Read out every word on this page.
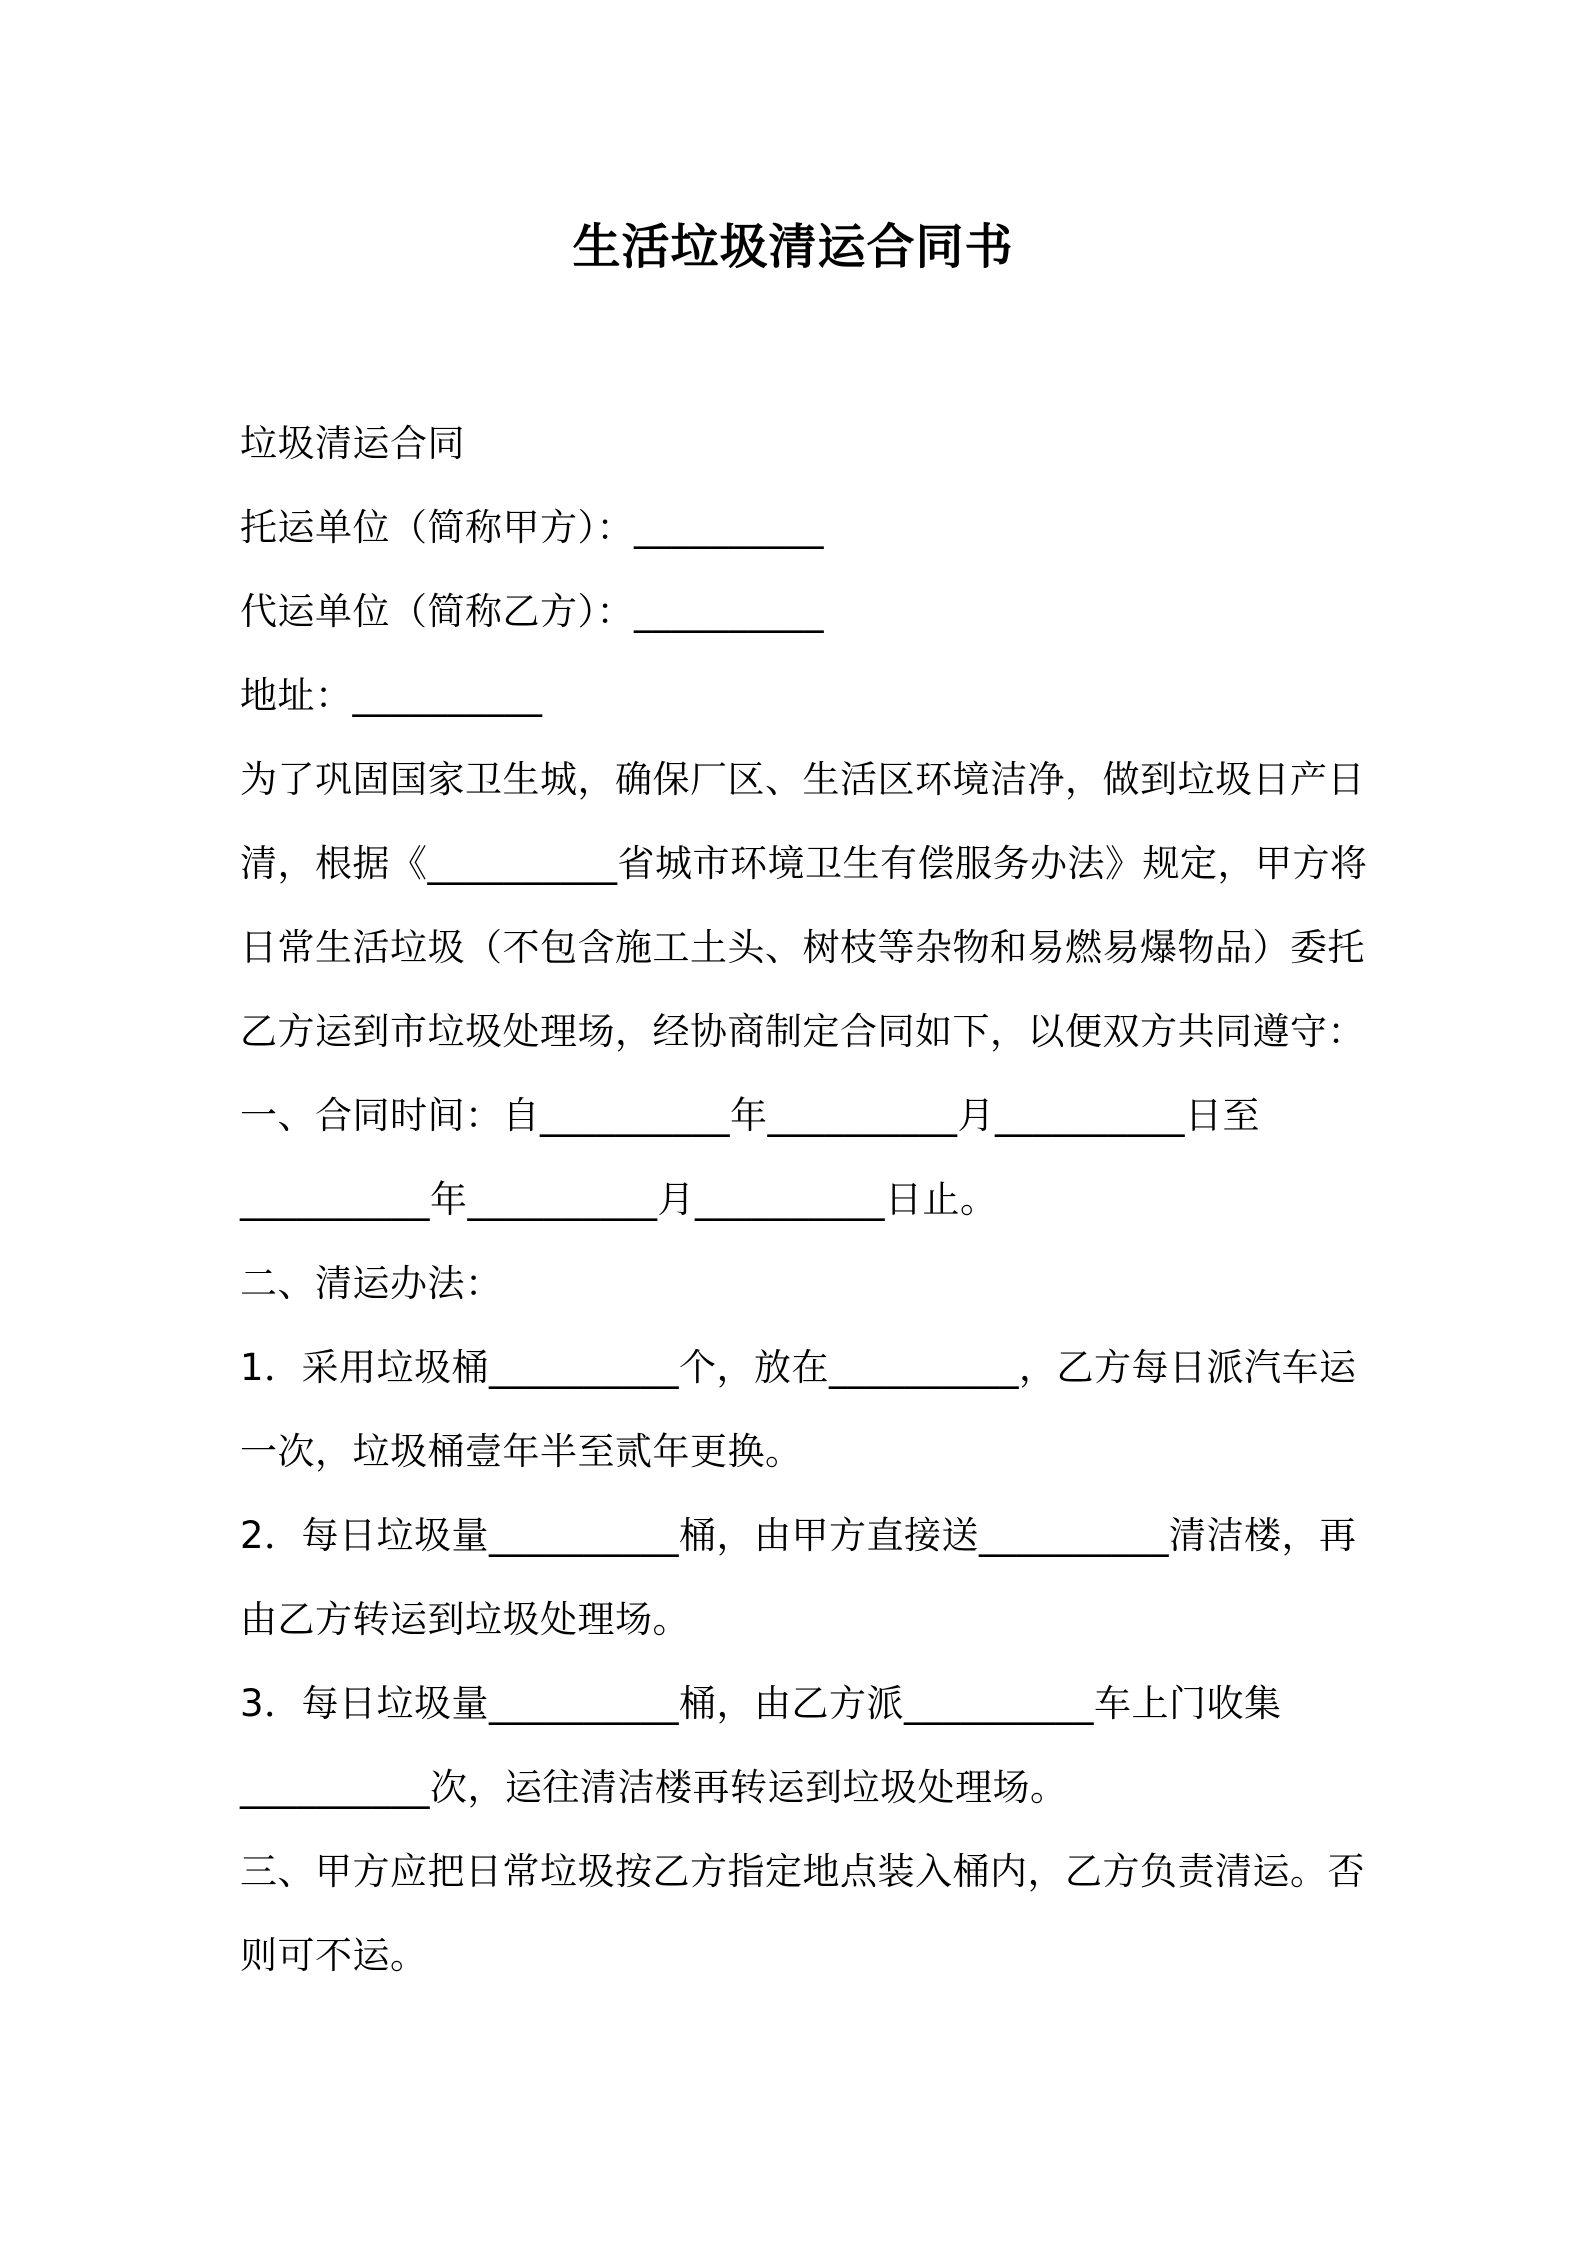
生活垃圾清运合同书
垃圾清运合同
托运单位（简称甲方）：__________
代运单位（简称乙方）：__________
地址：__________
为了巩固国家卫生城，确保厂区、生活区环境洁净，做到垃圾日产日
清，根据《__________省城市环境卫生有偿服务办法》规定，甲方将
日常生活垃圾（不包含施工土头、树枝等杂物和易燃易爆物品）委托
乙方运到市垃圾处理场，经协商制定合同如下，以便双方共同遵守：
一、合同时间：自__________年__________月__________日至
__________年__________月__________日止。
二、清运办法：
1．采用垃圾桶__________个，放在__________，乙方每日派汽车运
一次，垃圾桶壹年半至贰年更换。
2．每日垃圾量__________桶，由甲方直接送__________清洁楼，再
由乙方转运到垃圾处理场。
3．每日垃圾量__________桶，由乙方派__________车上门收集
__________次，运往清洁楼再转运到垃圾处理场。
三、甲方应把日常垃圾按乙方指定地点装入桶内，乙方负责清运。否
则可不运。
